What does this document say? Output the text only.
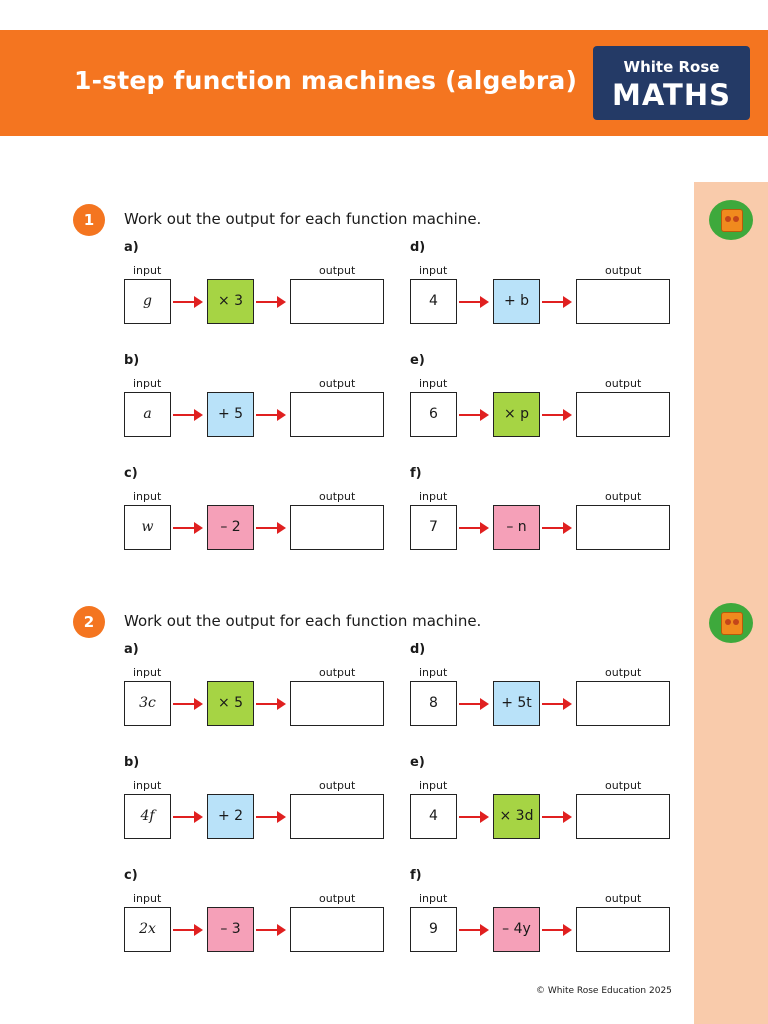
1-step function machines (algebra)	White Rose
MATHS
1	Work out the output for each function machine.
2	Work out the output for each function machine.
a)
input	output
g	× 3
b)
input	output
a	+ 5
c)
input	output
w	– 2
d)
input	output
4	+ b
e)
input	output
6	× p
f)
input	output
7	– n
a)
input	output
3c	× 5
b)
input	output
4f	+ 2
c)
input	output
2x	– 3
d)
input	output
8	+ 5t
e)
input	output
4	× 3d
f)
input	output
9	– 4y
© White Rose Education 2025
